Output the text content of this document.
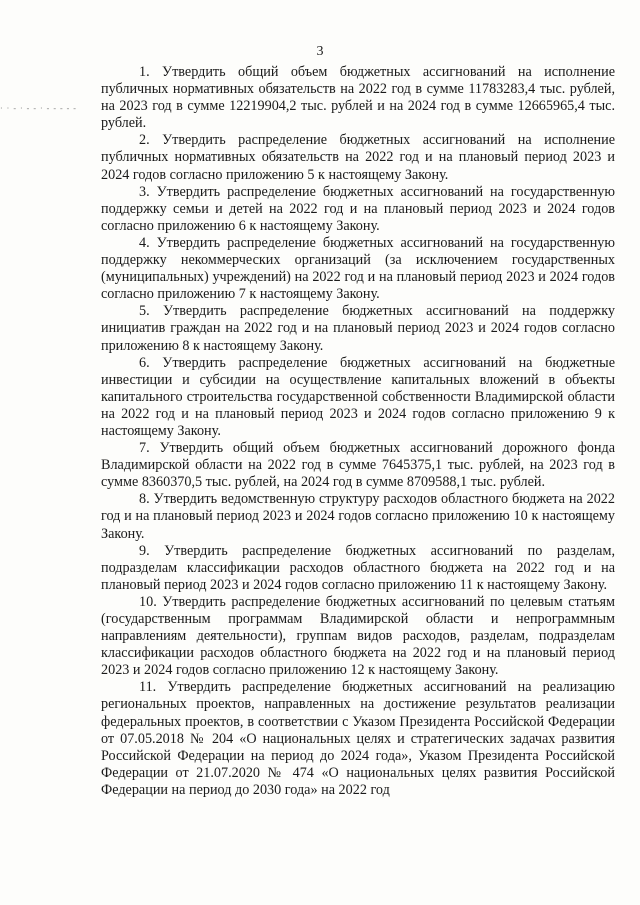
3
· · - · - - · - - - - -

1. Утвердить общий объем бюджетных ассигнований на исполнение публичных нормативных обязательств на 2022 год в сумме 11783283,4 тыс. рублей, на 2023 год в сумме 12219904,2 тыс. рублей и на 2024 год в сумме 12665965,4 тыс. рублей.

2. Утвердить распределение бюджетных ассигнований на исполнение публичных нормативных обязательств на 2022 год и на плановый период 2023 и 2024 годов согласно приложению 5 к настоящему Закону.

3. Утвердить распределение бюджетных ассигнований на государственную поддержку семьи и детей на 2022 год и на плановый период 2023 и 2024 годов согласно приложению 6 к настоящему Закону.

4. Утвердить распределение бюджетных ассигнований на государственную поддержку некоммерческих организаций (за исключением государственных (муниципальных) учреждений) на 2022 год и на плановый период 2023 и 2024 годов согласно приложению 7 к настоящему Закону.

5. Утвердить распределение бюджетных ассигнований на поддержку инициатив граждан на 2022 год и на плановый период 2023 и 2024 годов согласно приложению 8 к настоящему Закону.

6. Утвердить распределение бюджетных ассигнований на бюджетные инвестиции и субсидии на осуществление капитальных вложений в объекты капитального строительства государственной собственности Владимирской области на 2022 год и на плановый период 2023 и 2024 годов согласно приложению 9 к настоящему Закону.

7. Утвердить общий объем бюджетных ассигнований дорожного фонда Владимирской области на 2022 год в сумме 7645375,1 тыс. рублей, на 2023 год в сумме 8360370,5 тыс. рублей, на 2024 год в сумме 8709588,1 тыс. рублей.

8. Утвердить ведомственную структуру расходов областного бюджета на 2022 год и на плановый период 2023 и 2024 годов согласно приложению 10 к настоящему Закону.

9. Утвердить распределение бюджетных ассигнований по разделам, подразделам классификации расходов областного бюджета на 2022 год и на плановый период 2023 и 2024 годов согласно приложению 11 к настоящему Закону.

10. Утвердить распределение бюджетных ассигнований по целевым статьям (государственным программам Владимирской области и непрограммным направлениям деятельности), группам видов расходов, разделам, подразделам классификации расходов областного бюджета на 2022 год и на плановый период 2023 и 2024 годов согласно приложению 12 к настоящему Закону.

11. Утвердить распределение бюджетных ассигнований на реализацию региональных проектов, направленных на достижение результатов реализации федеральных проектов, в соответствии с Указом Президента Российской Федерации от 07.05.2018 № 204 «О национальных целях и стратегических задачах развития Российской Федерации на период до 2024 года», Указом Президента Российской Федерации от 21.07.2020 № 474 «О национальных целях развития Российской Федерации на период до 2030 года» на 2022 год
